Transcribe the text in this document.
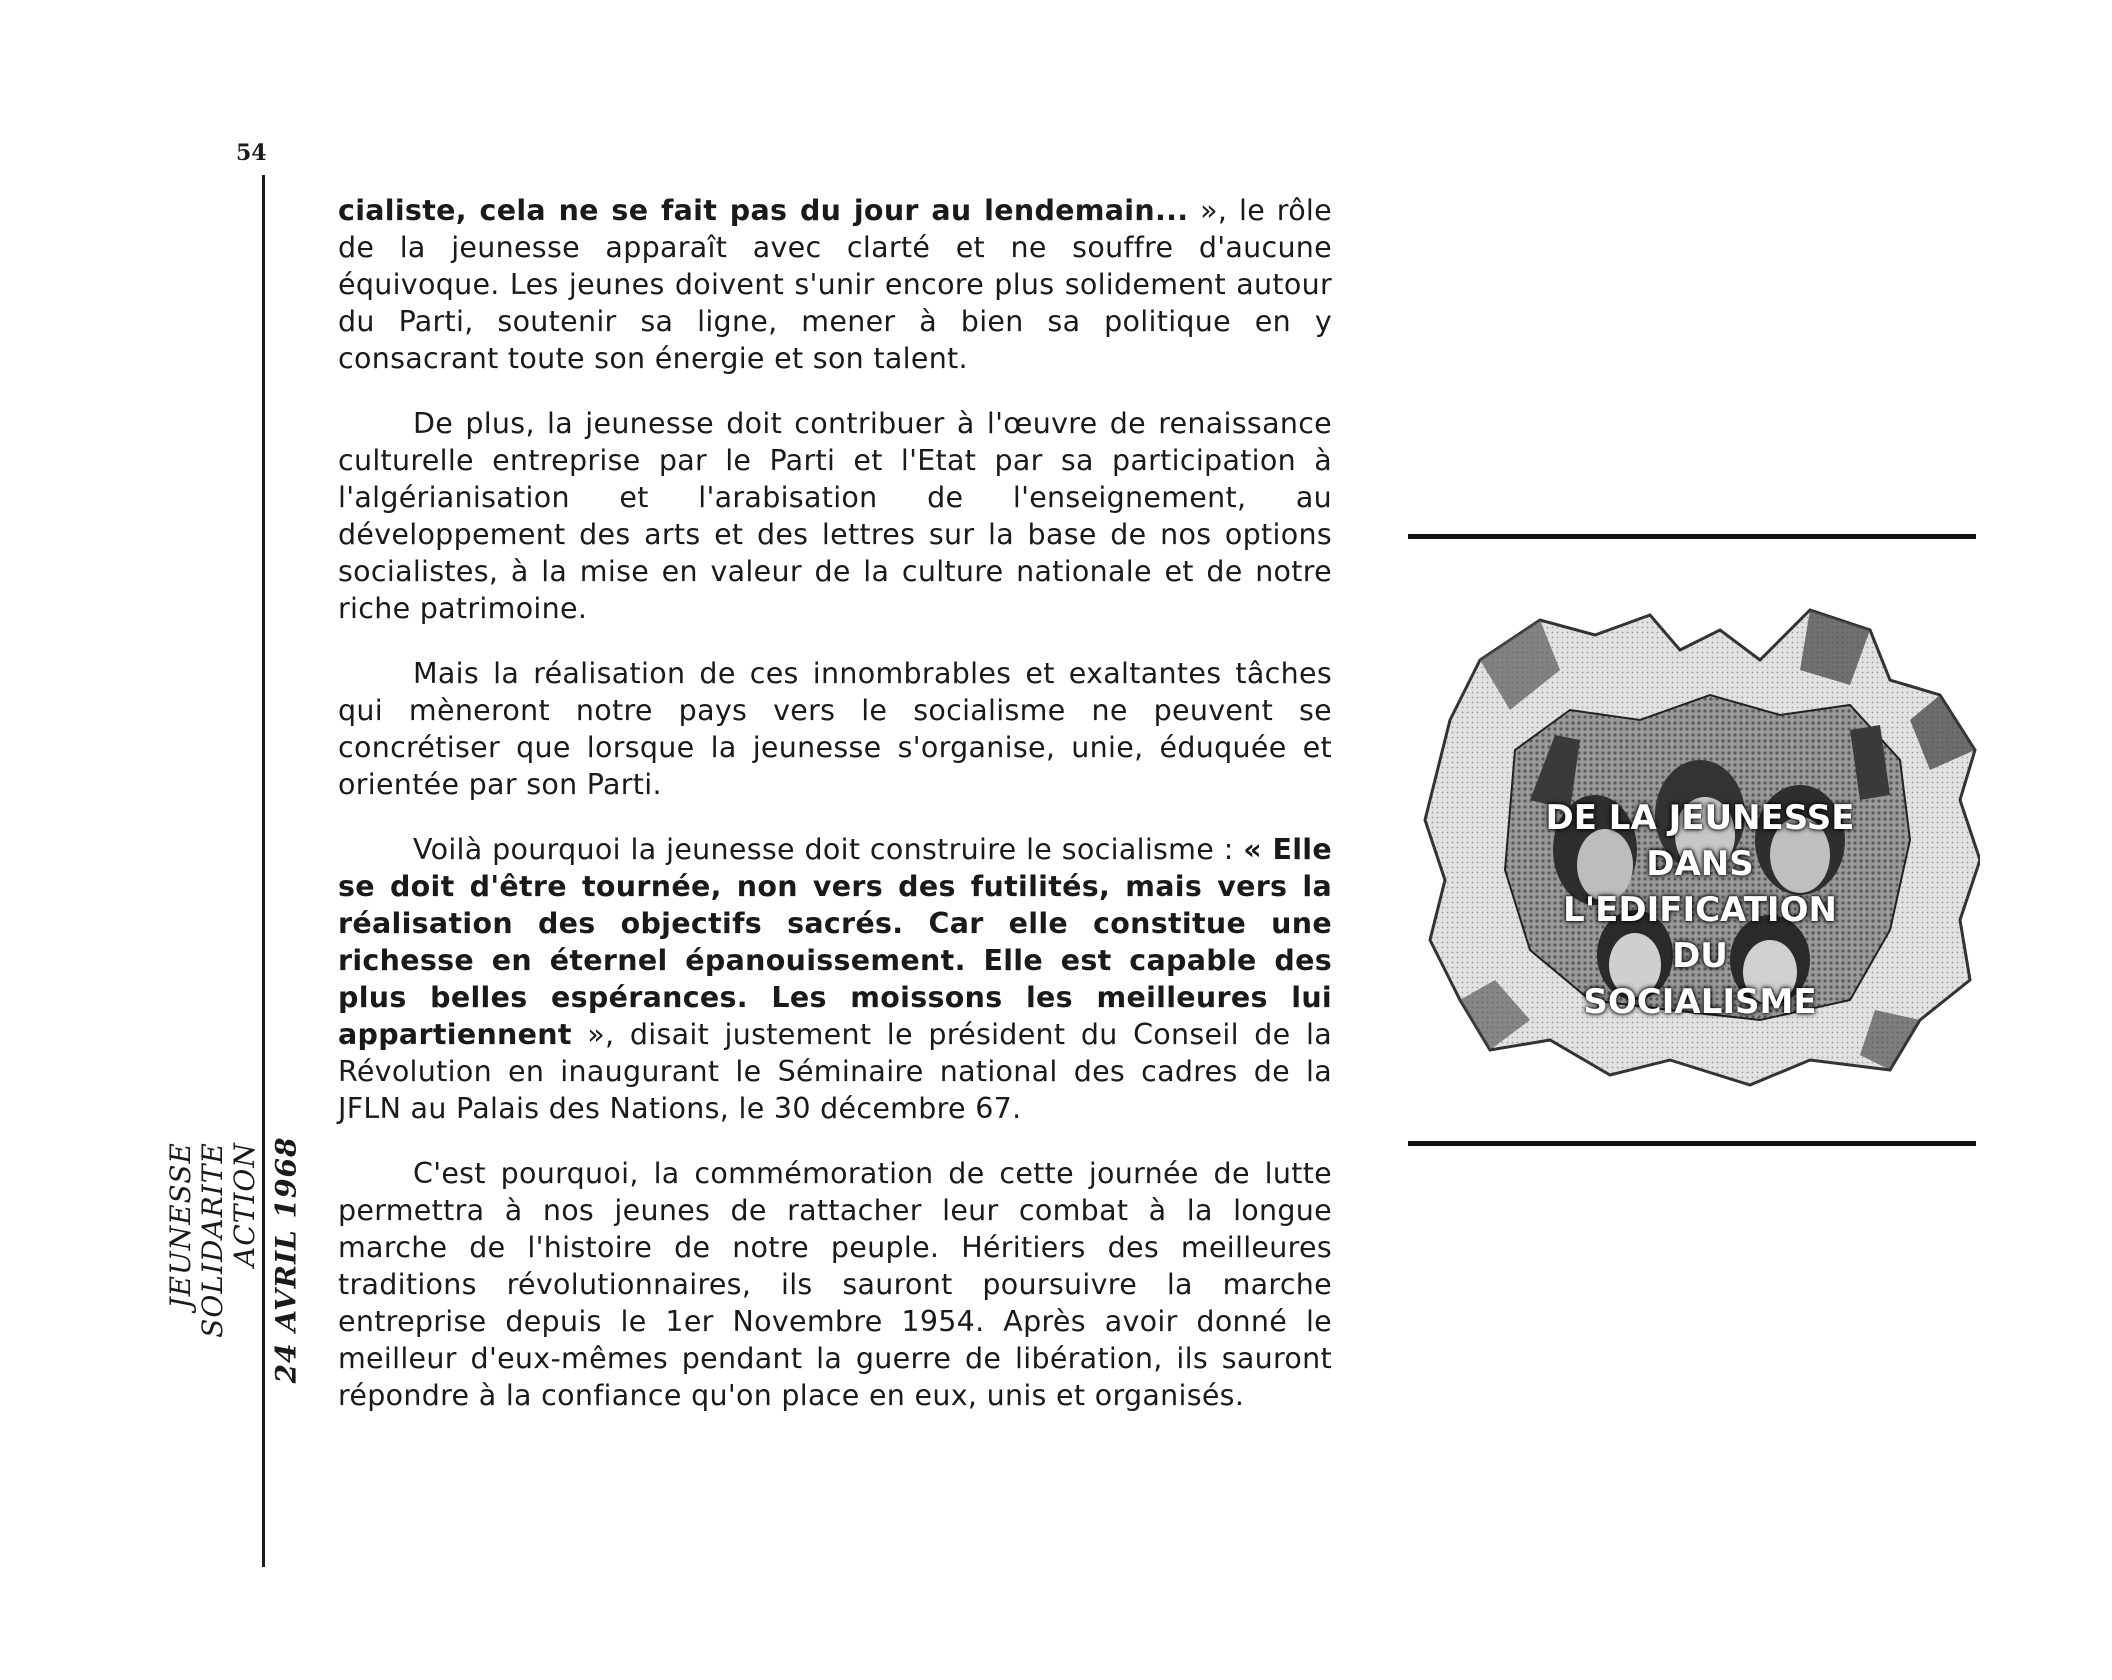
54
JEUNESSE SOLIDARITE ACTION 24 AVRIL 1968

cialiste, cela ne se fait pas du jour au lendemain... », le rôle de la jeunesse apparaît avec clarté et ne souffre d'aucune équivoque. Les jeunes doivent s'unir encore plus solidement autour du Parti, soutenir sa ligne, mener à bien sa politique en y consacrant toute son énergie et son talent.

De plus, la jeunesse doit contribuer à l'œuvre de renaissance culturelle entreprise par le Parti et l'Etat par sa participation à l'algérianisation et l'arabisation de l'enseignement, au développement des arts et des lettres sur la base de nos options socialistes, à la mise en valeur de la culture nationale et de notre riche patrimoine.

Mais la réalisation de ces innombrables et exaltantes tâches qui mèneront notre pays vers le socialisme ne peuvent se concrétiser que lorsque la jeunesse s'organise, unie, éduquée et orientée par son Parti.

Voilà pourquoi la jeunesse doit construire le socialisme : « Elle se doit d'être tournée, non vers des futilités, mais vers la réalisation des objectifs sacrés. Car elle constitue une richesse en éternel épanouissement. Elle est capable des plus belles espérances. Les moissons les meilleures lui appartiennent », disait justement le président du Conseil de la Révolution en inaugurant le Séminaire national des cadres de la JFLN au Palais des Nations, le 30 décembre 67.

C'est pourquoi, la commémoration de cette journée de lutte permettra à nos jeunes de rattacher leur combat à la longue marche de l'histoire de notre peuple. Héritiers des meilleures traditions révolutionnaires, ils sauront poursuivre la marche entreprise depuis le 1er Novembre 1954. Après avoir donné le meilleur d'eux-mêmes pendant la guerre de libération, ils sauront répondre à la confiance qu'on place en eux, unis et organisés.

DE LA JEUNESSE
DANS L'EDIFICATION
DU
SOCIALISME
